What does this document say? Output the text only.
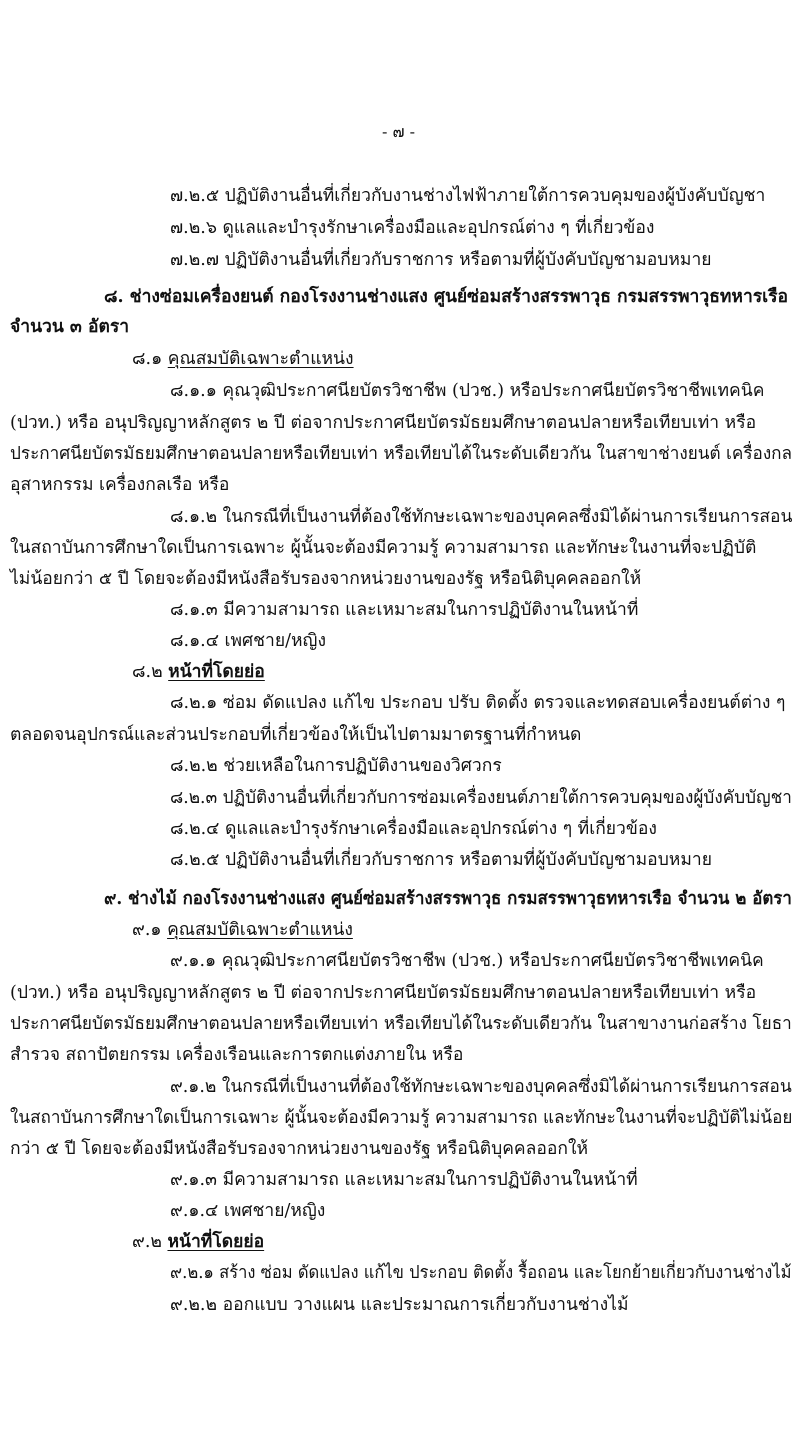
- ๗ -
๗.๒.๕ ปฏิบัติงานอื่นที่เกี่ยวกับงานช่างไฟฟ้าภายใต้การควบคุมของผู้บังคับบัญชา
๗.๒.๖ ดูแลและบำรุงรักษาเครื่องมือและอุปกรณ์ต่าง ๆ ที่เกี่ยวข้อง
๗.๒.๗ ปฏิบัติงานอื่นที่เกี่ยวกับราชการ หรือตามที่ผู้บังคับบัญชามอบหมาย
๘. ช่างซ่อมเครื่องยนต์ กองโรงงานช่างแสง ศูนย์ซ่อมสร้างสรรพาวุธ กรมสรรพาวุธทหารเรือ
จำนวน ๓ อัตรา
๘.๑ คุณสมบัติเฉพาะตำแหน่ง
๘.๑.๑ คุณวุฒิประกาศนียบัตรวิชาชีพ (ปวช.) หรือประกาศนียบัตรวิชาชีพเทคนิค
(ปวท.) หรือ อนุปริญญาหลักสูตร ๒ ปี ต่อจากประกาศนียบัตรมัธยมศึกษาตอนปลายหรือเทียบเท่า หรือ
ประกาศนียบัตรมัธยมศึกษาตอนปลายหรือเทียบเท่า หรือเทียบได้ในระดับเดียวกัน ในสาขาช่างยนต์ เครื่องกล
อุสาหกรรม เครื่องกลเรือ หรือ
๘.๑.๒ ในกรณีที่เป็นงานที่ต้องใช้ทักษะเฉพาะของบุคคลซึ่งมิได้ผ่านการเรียนการสอน
ในสถาบันการศึกษาใดเป็นการเฉพาะ ผู้นั้นจะต้องมีความรู้ ความสามารถ และทักษะในงานที่จะปฏิบัติ
ไม่น้อยกว่า ๕ ปี โดยจะต้องมีหนังสือรับรองจากหน่วยงานของรัฐ หรือนิติบุคคลออกให้
๘.๑.๓ มีความสามารถ และเหมาะสมในการปฏิบัติงานในหน้าที่
๘.๑.๔ เพศชาย/หญิง
๘.๒ หน้าที่โดยย่อ
๘.๒.๑ ซ่อม ดัดแปลง แก้ไข ประกอบ ปรับ ติดตั้ง ตรวจและทดสอบเครื่องยนต์ต่าง ๆ
ตลอดจนอุปกรณ์และส่วนประกอบที่เกี่ยวข้องให้เป็นไปตามมาตรฐานที่กำหนด
๘.๒.๒ ช่วยเหลือในการปฏิบัติงานของวิศวกร
๘.๒.๓ ปฏิบัติงานอื่นที่เกี่ยวกับการซ่อมเครื่องยนต์ภายใต้การควบคุมของผู้บังคับบัญชา
๘.๒.๔ ดูแลและบำรุงรักษาเครื่องมือและอุปกรณ์ต่าง ๆ ที่เกี่ยวข้อง
๘.๒.๕ ปฏิบัติงานอื่นที่เกี่ยวกับราชการ หรือตามที่ผู้บังคับบัญชามอบหมาย
๙. ช่างไม้ กองโรงงานช่างแสง ศูนย์ซ่อมสร้างสรรพาวุธ กรมสรรพาวุธทหารเรือ จำนวน ๒ อัตรา
๙.๑ คุณสมบัติเฉพาะตำแหน่ง
๙.๑.๑ คุณวุฒิประกาศนียบัตรวิชาชีพ (ปวช.) หรือประกาศนียบัตรวิชาชีพเทคนิค
(ปวท.) หรือ อนุปริญญาหลักสูตร ๒ ปี ต่อจากประกาศนียบัตรมัธยมศึกษาตอนปลายหรือเทียบเท่า หรือ
ประกาศนียบัตรมัธยมศึกษาตอนปลายหรือเทียบเท่า หรือเทียบได้ในระดับเดียวกัน ในสาขางานก่อสร้าง โยธา
สำรวจ สถาปัตยกรรม เครื่องเรือนและการตกแต่งภายใน หรือ
๙.๑.๒ ในกรณีที่เป็นงานที่ต้องใช้ทักษะเฉพาะของบุคคลซึ่งมิได้ผ่านการเรียนการสอน
ในสถาบันการศึกษาใดเป็นการเฉพาะ ผู้นั้นจะต้องมีความรู้ ความสามารถ และทักษะในงานที่จะปฏิบัติไม่น้อย
กว่า ๕ ปี โดยจะต้องมีหนังสือรับรองจากหน่วยงานของรัฐ หรือนิติบุคคลออกให้
๙.๑.๓ มีความสามารถ และเหมาะสมในการปฏิบัติงานในหน้าที่
๙.๑.๔ เพศชาย/หญิง
๙.๒ หน้าที่โดยย่อ
๙.๒.๑ สร้าง ซ่อม ดัดแปลง แก้ไข ประกอบ ติดตั้ง รื้อถอน และโยกย้ายเกี่ยวกับงานช่างไม้
๙.๒.๒ ออกแบบ วางแผน และประมาณการเกี่ยวกับงานช่างไม้
